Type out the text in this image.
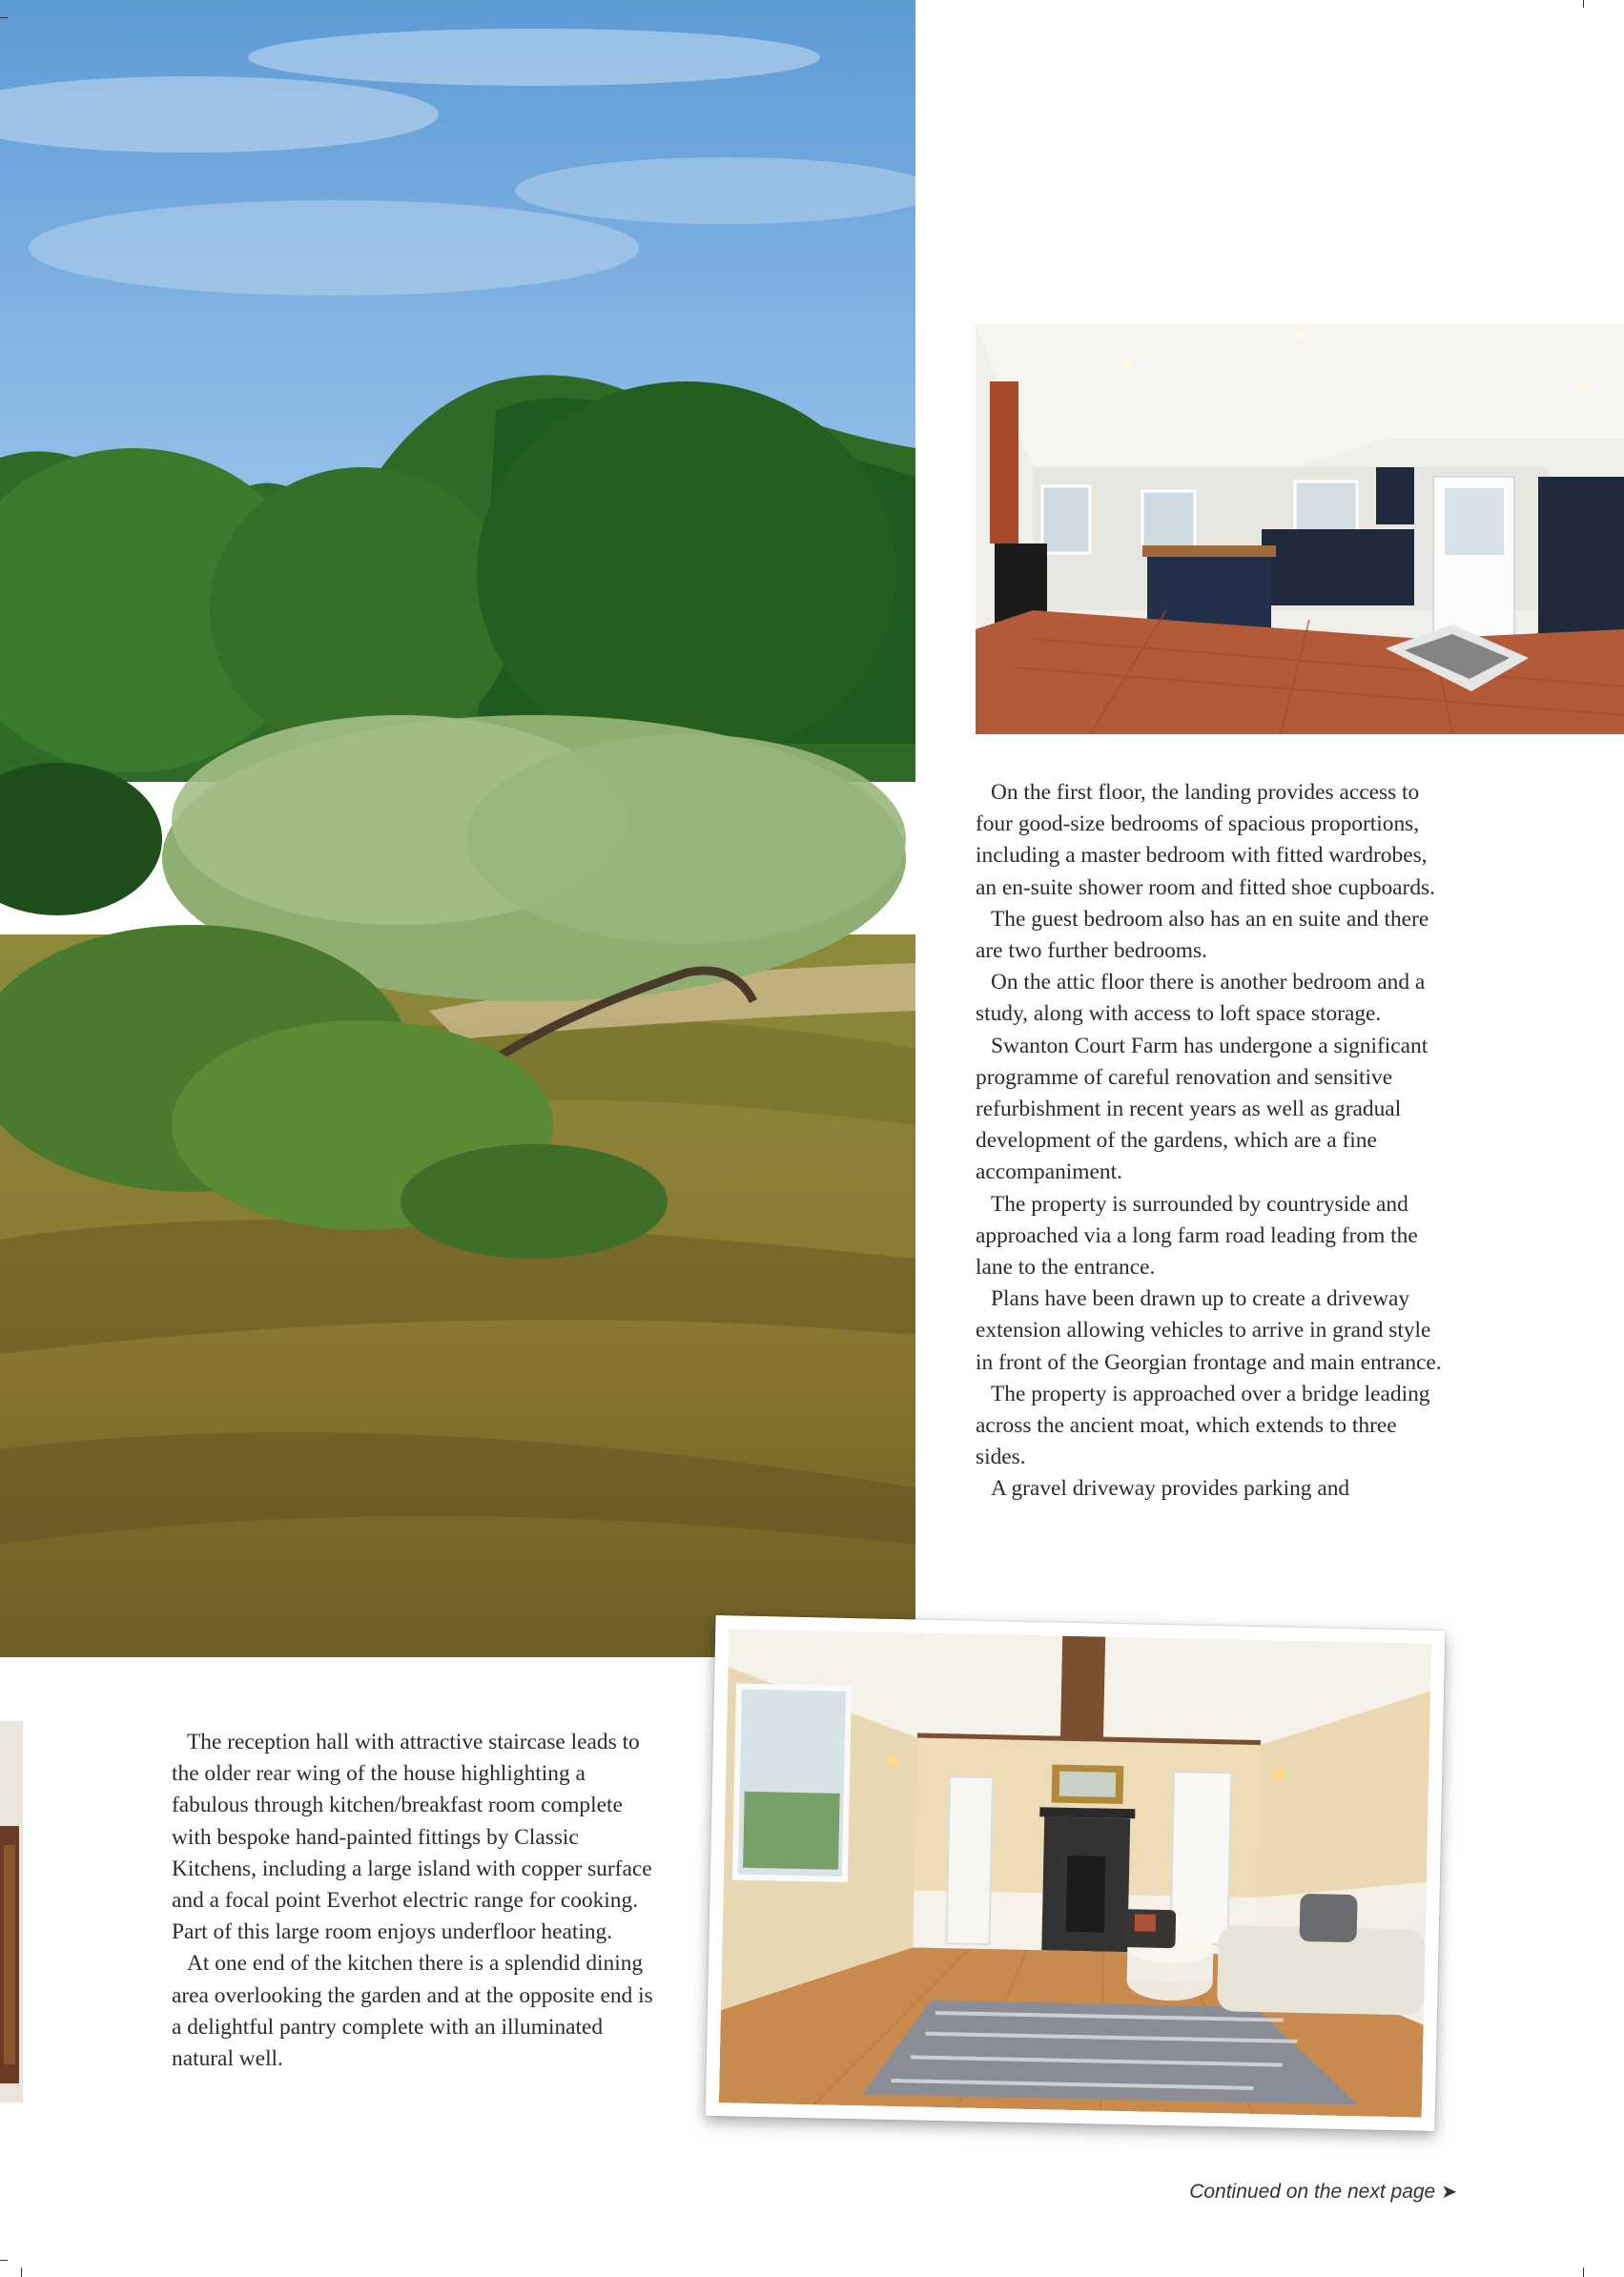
On the first floor, the landing provides access to four good-size bedrooms of spacious proportions, including a master bedroom with fitted wardrobes, an en-suite shower room and fitted shoe cupboards.

The guest bedroom also has an en suite and there are two further bedrooms.

On the attic floor there is another bedroom and a study, along with access to loft space storage.

Swanton Court Farm has undergone a significant programme of careful renovation and sensitive refurbishment in recent years as well as gradual development of the gardens, which are a fine accompaniment.

The property is surrounded by countryside and approached via a long farm road leading from the lane to the entrance.

Plans have been drawn up to create a driveway extension allowing vehicles to arrive in grand style in front of the Georgian frontage and main entrance.

The property is approached over a bridge leading across the ancient moat, which extends to three sides.

A gravel driveway provides parking and

The reception hall with attractive staircase leads to the older rear wing of the house highlighting a fabulous through kitchen/breakfast room complete with bespoke hand-painted fittings by Classic Kitchens, including a large island with copper surface and a focal point Everhot electric range for cooking. Part of this large room enjoys underfloor heating.

At one end of the kitchen there is a splendid dining area overlooking the garden and at the opposite end is a delightful pantry complete with an illuminated natural well.

Continued on the next page ➤
